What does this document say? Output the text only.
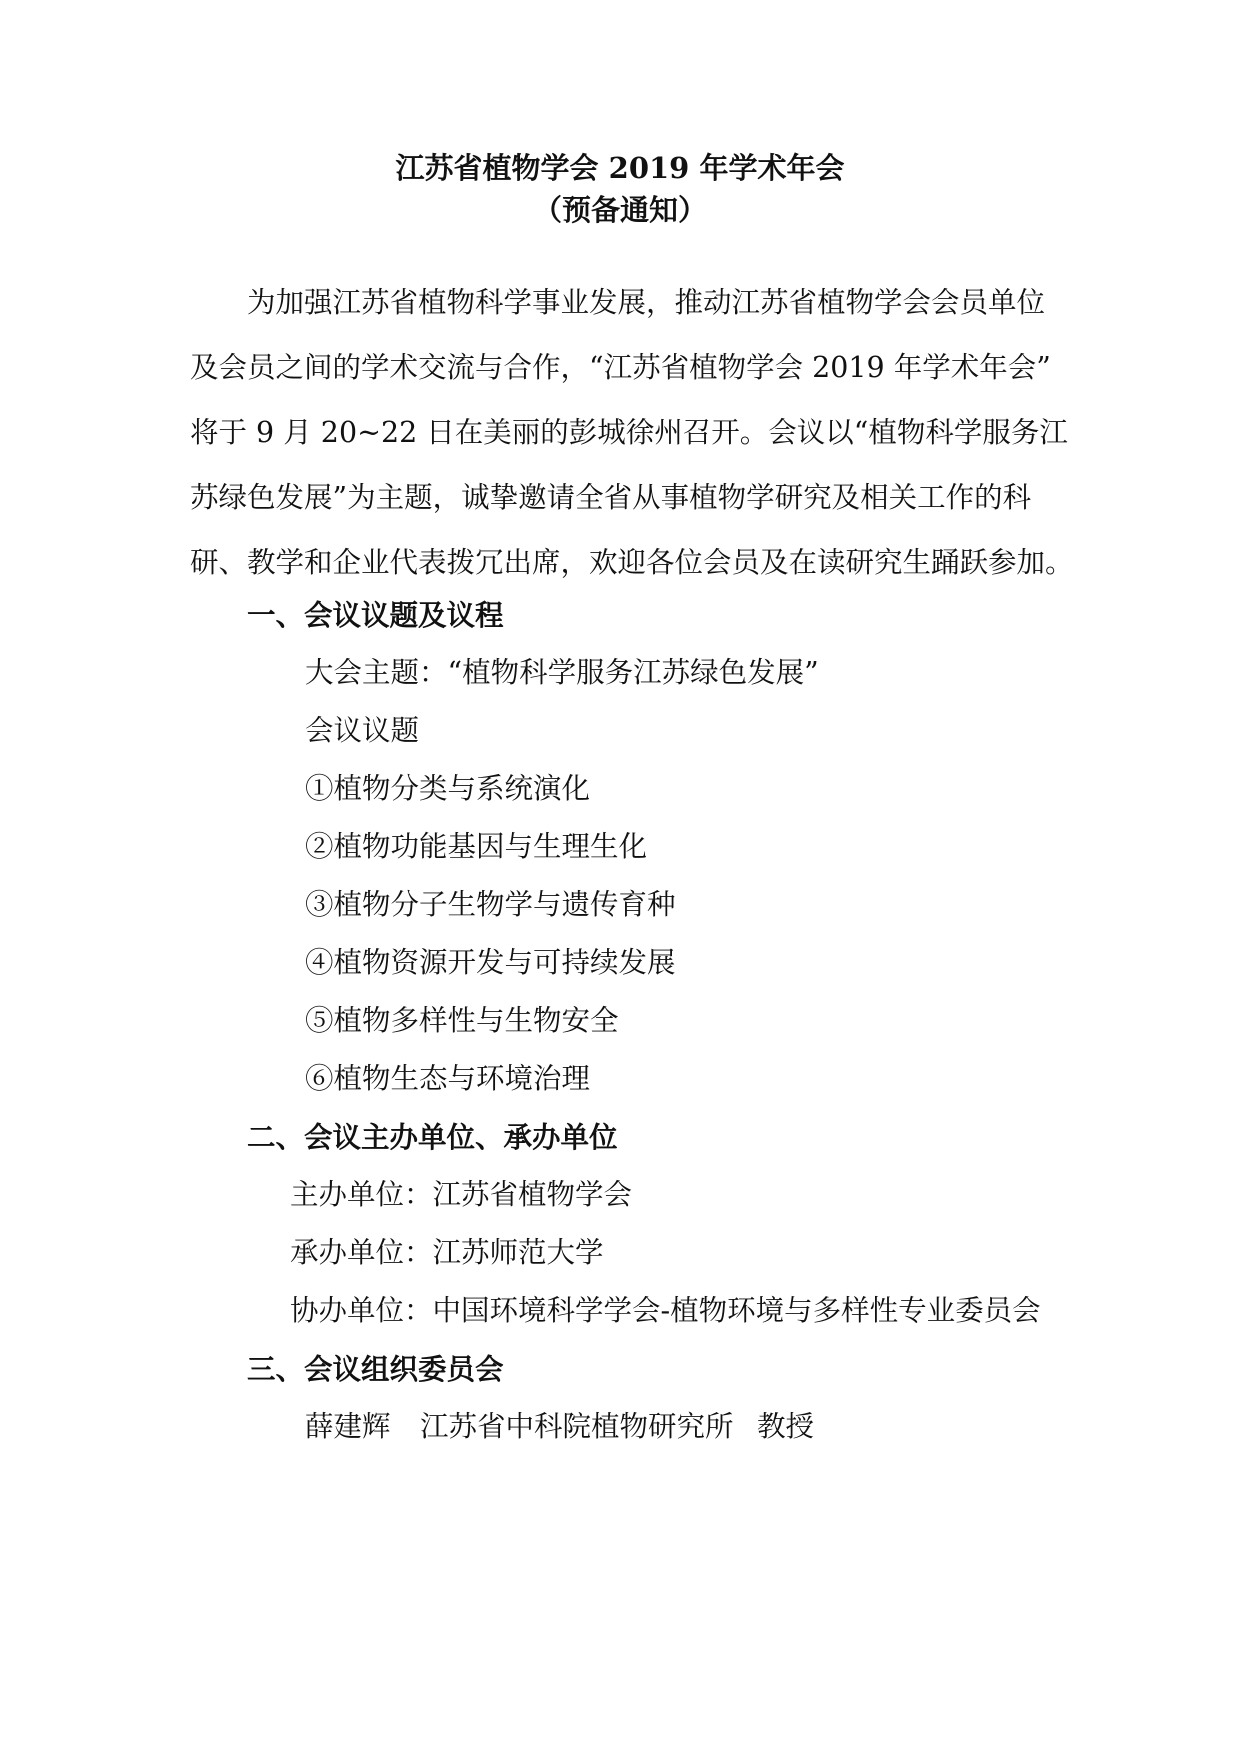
江苏省植物学会 2019 年学术年会
（预备通知）
为加强江苏省植物科学事业发展，推动江苏省植物学会会员单位
及会员之间的学术交流与合作，“江苏省植物学会 2019 年学术年会”
将于 9 月 20~22 日在美丽的彭城徐州召开。会议以“植物科学服务江
苏绿色发展”为主题，诚挚邀请全省从事植物学研究及相关工作的科
研、教学和企业代表拨冗出席，欢迎各位会员及在读研究生踊跃参加。
一、会议议题及议程
大会主题：“植物科学服务江苏绿色发展”
会议议题
①植物分类与系统演化
②植物功能基因与生理生化
③植物分子生物学与遗传育种
④植物资源开发与可持续发展
⑤植物多样性与生物安全
⑥植物生态与环境治理
二、会议主办单位、承办单位
主办单位：江苏省植物学会
承办单位：江苏师范大学
协办单位：中国环境科学学会-植物环境与多样性专业委员会
三、会议组织委员会
薛建辉 江苏省中科院植物研究所 教授
